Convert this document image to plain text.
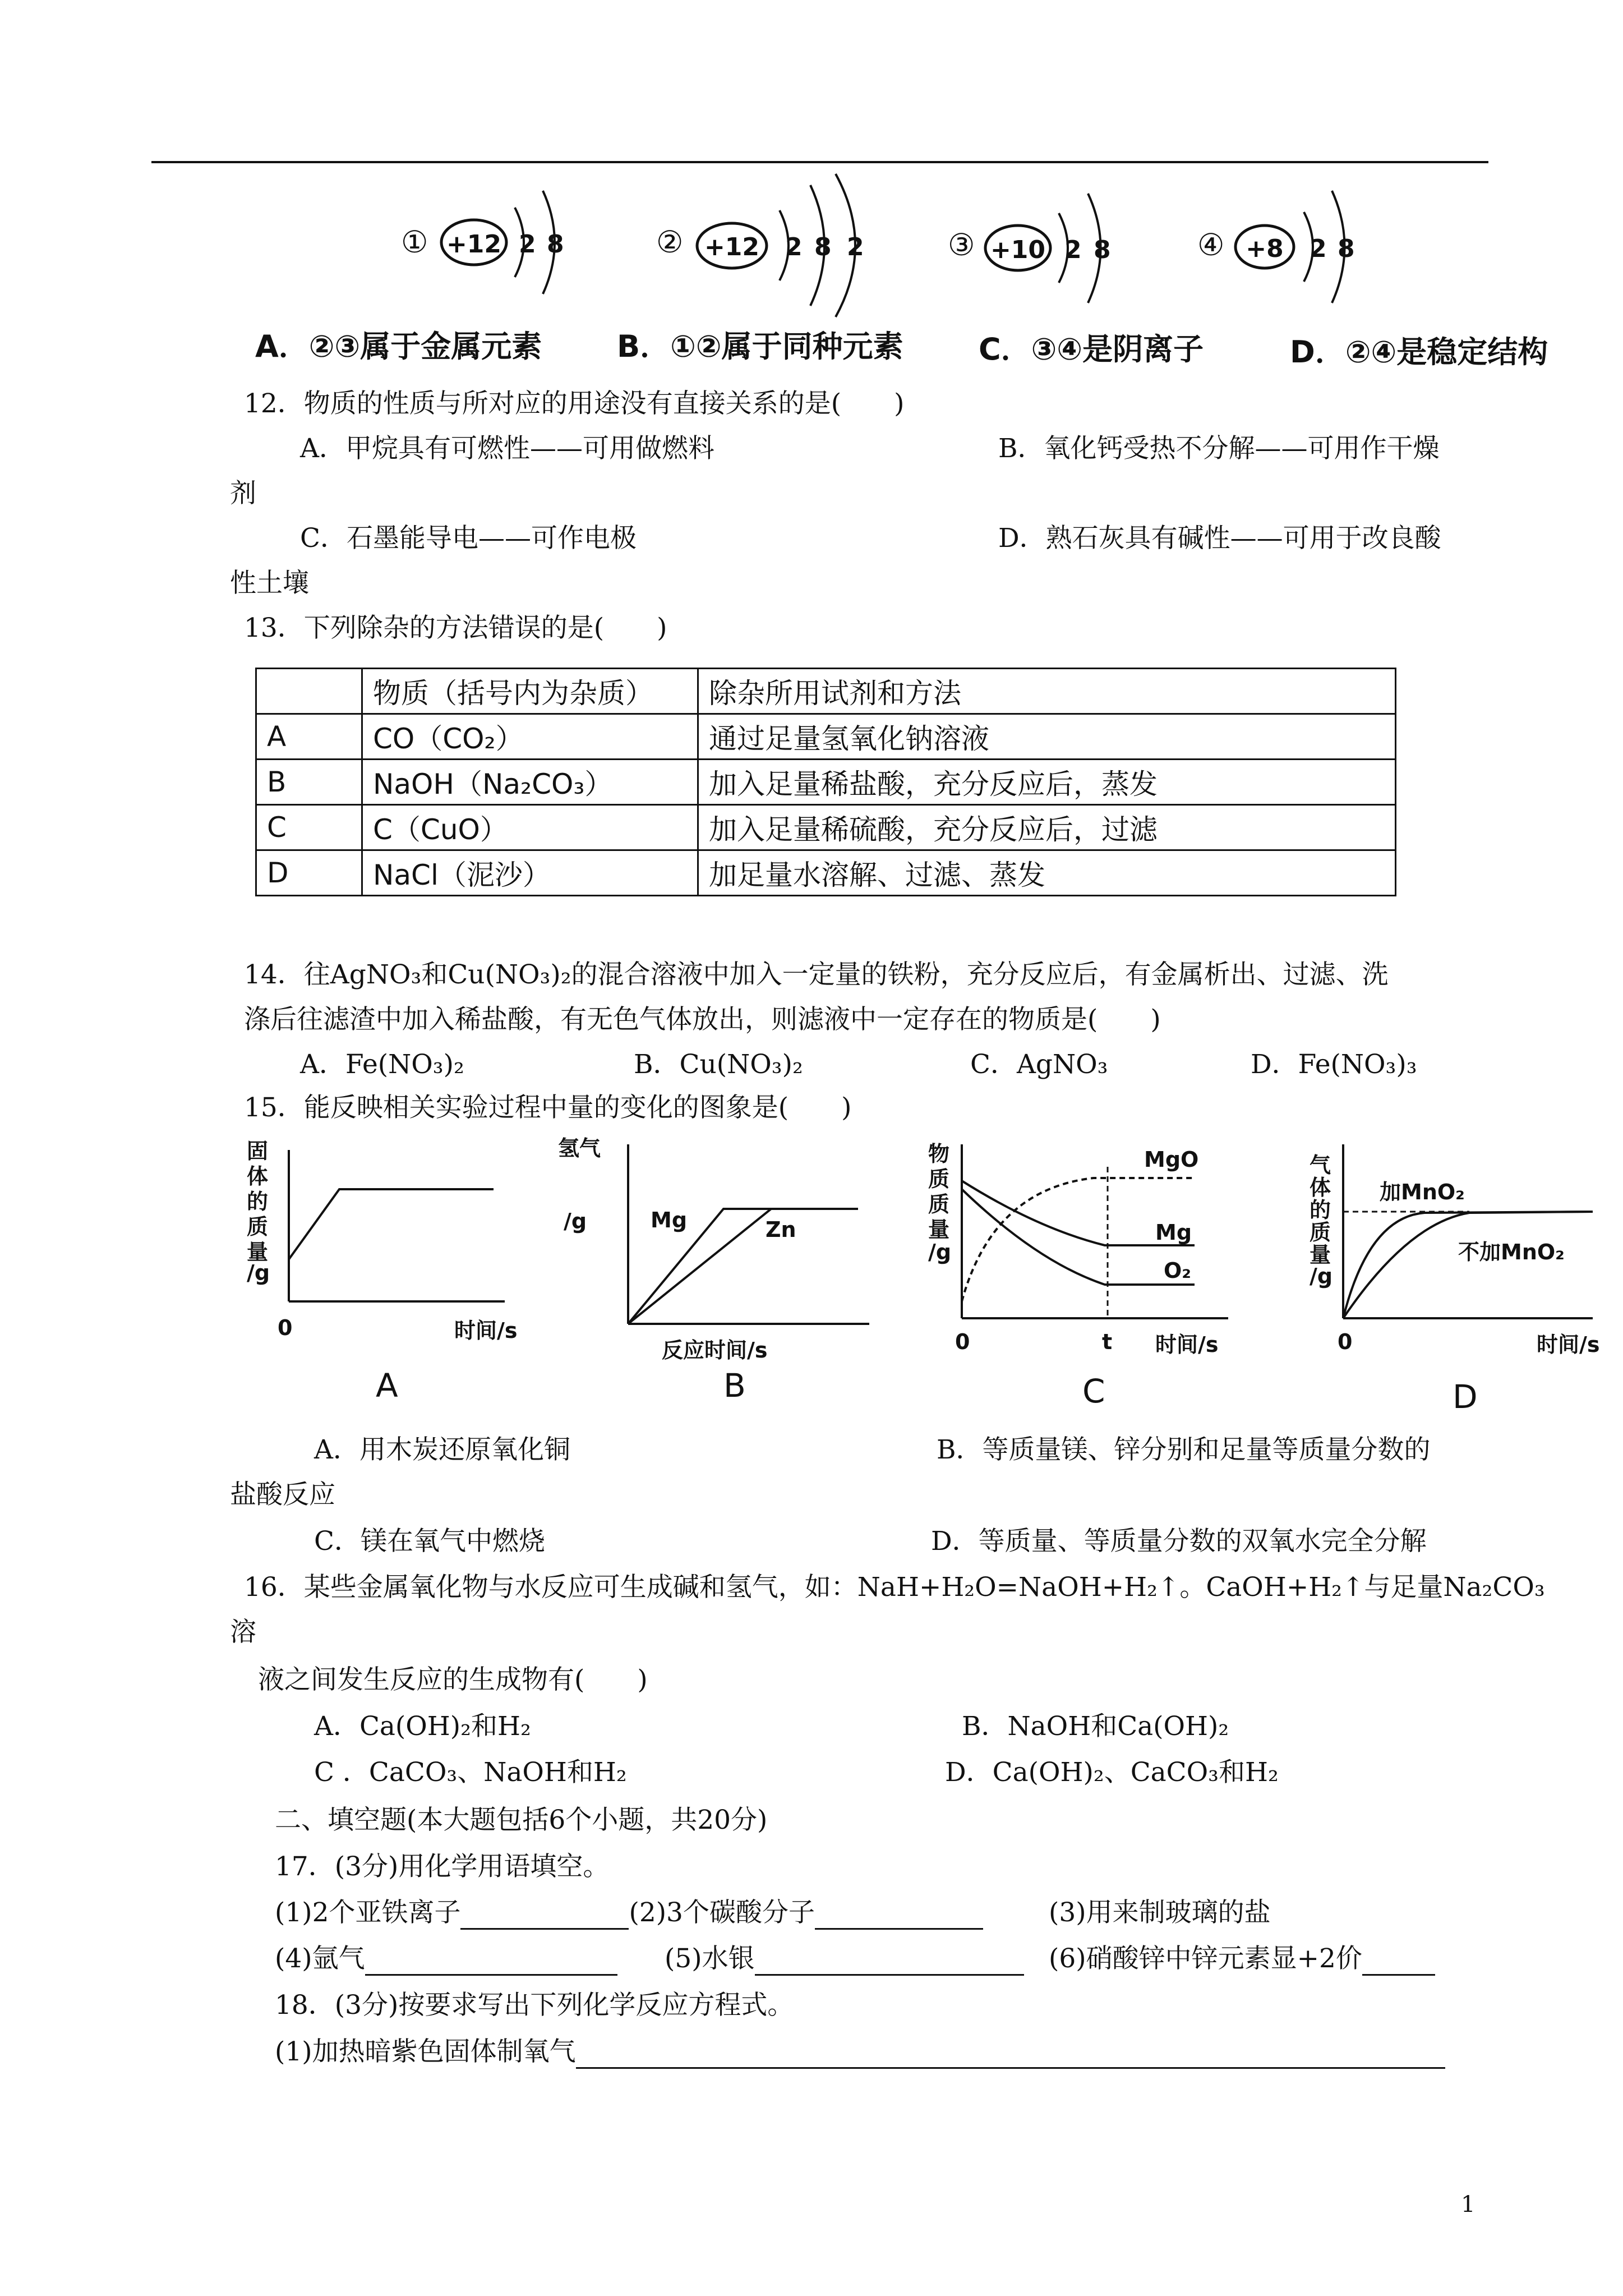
① +12 2 8	② +12 2 8 2	③ +10 2 8	④ +8 2 8
A．②③属于金属元素 B．①②属于同种元素 C．③④是阴离子	D．②④是稳定结构
12．物质的性质与所对应的用途没有直接关系的是(　　)
A．甲烷具有可燃性——可用做燃料	B．氧化钙受热不分解——可用作干燥
剂
C．石墨能导电——可作电极	D．熟石灰具有碱性——可用于改良酸
性土壤
13．下列除杂的方法错误的是(　　)
	物质（括号内为杂质）	除杂所用试剂和方法
A	CO（CO₂）	通过足量氢氧化钠溶液
B	NaOH（Na₂CO₃）	加入足量稀盐酸，充分反应后，蒸发
C	C（CuO）	加入足量稀硫酸，充分反应后，过滤
D	NaCl（泥沙）	加足量水溶解、过滤、蒸发
14．往AgNO₃和Cu(NO₃)₂的混合溶液中加入一定量的铁粉，充分反应后，有金属析出、过滤、洗
涤后往滤渣中加入稀盐酸，有无色气体放出，则滤液中一定存在的物质是(　　)
A．Fe(NO₃)₂	B．Cu(NO₃)₂	C．AgNO₃	D．Fe(NO₃)₃
15．能反映相关实验过程中量的变化的图象是(　　)
固
体
的
质
量
/g
0	时间/s
A
氢气
/g	Mg	Zn
反应时间/s
B
物
质
质
量
/g
MgO
Mg
O₂
0	t 时间/s
C
气
体
的
质
量
/g
加MnO₂
不加MnO₂
0	时间/s
D
A．用木炭还原氧化铜	B．等质量镁、锌分别和足量等质量分数的
盐酸反应
C．镁在氧气中燃烧	D．等质量、等质量分数的双氧水完全分解
16．某些金属氧化物与水反应可生成碱和氢气，如：NaH+H₂O=NaOH+H₂↑。CaOH+H₂↑与足量Na₂CO₃
溶
液之间发生反应的生成物有(　　)
A．Ca(OH)₂和H₂	B．NaOH和Ca(OH)₂
C ．CaCO₃、NaOH和H₂	D．Ca(OH)₂、CaCO₃和H₂
二、填空题(本大题包括6个小题，共20分)
17．(3分)用化学用语填空。
(1)2个亚铁离子	(2)3个碳酸分子	(3)用来制玻璃的盐
(4)氩气	(5)水银	(6)硝酸锌中锌元素显+2价
18．(3分)按要求写出下列化学反应方程式。
(1)加热暗紫色固体制氧气
1
